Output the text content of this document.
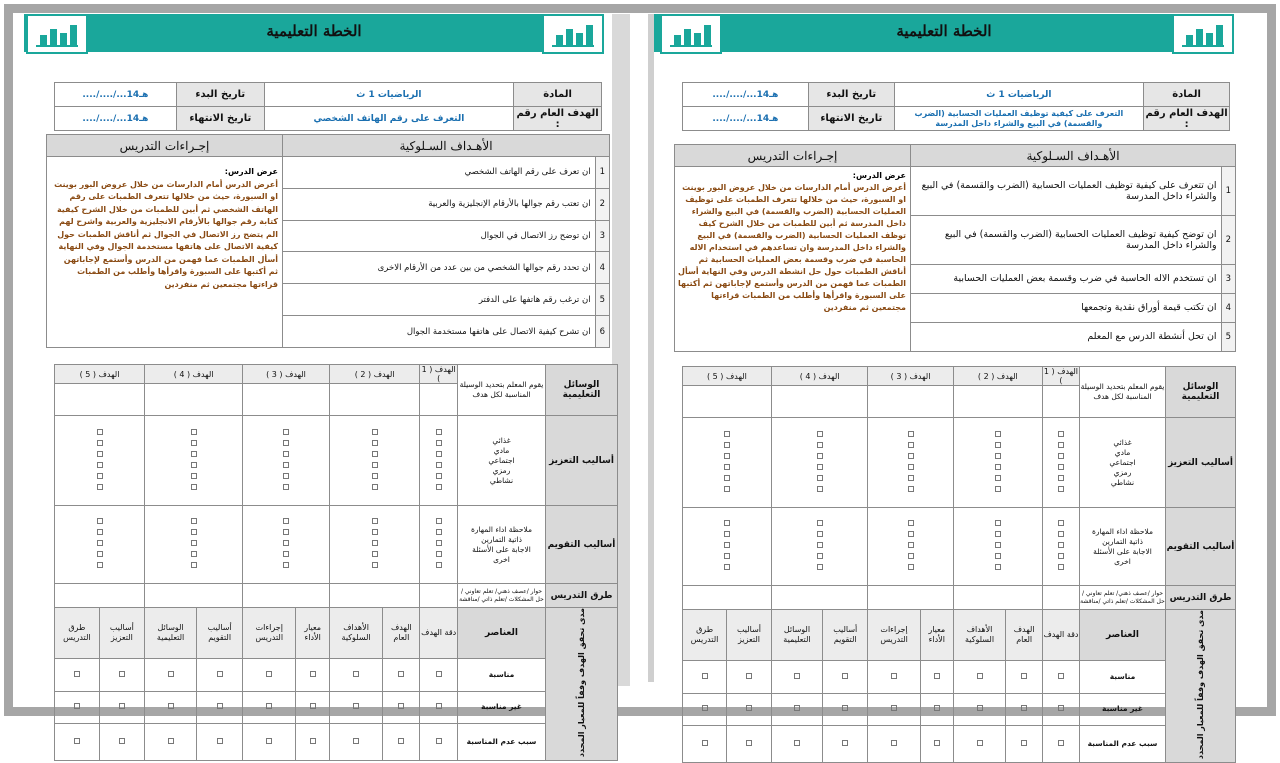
الخطة التعليمية
..../..../...14هـ	تاريخ البدء	الرياضيات 1 ث	المادة
..../..../...14هـ	تاريخ الانتهاء	التعرف على رقم الهاتف الشخصي	الهدف العام رقم :
إجـراءات التدريس	الأهـداف السـلوكية	
	ان تعرف على رقم الهاتف الشخصي	1
	ان تعتب رقم جوالها بالأرقام الإنجليزية والعربية	2
	ان توضح رز الاتصال في الجوال	3
	ان تحدد رقم جوالها الشخصي من بين عدد من الأرقام الاخرى	4
	ان ترغب رقم هاتفها على الدفتر	5
	ان تشرح كيفية الاتصال على هاتفها مستخدمة الجوال	6
عرض الدرس:
أعرض الدرس أمام الدارسات من خلال عروض البور بوينت او السبورة، حيث من خلالها تتعرف الطمبات على رقم الهاتف الشخصي ثم أبين للطمبات من خلال الشرح كيفية كتابة رقم جوالها بالأرقام الانجليزية والعربية واشرح لهم الم يتضح رز الاتصال في الجوال ثم أناقش الطمبات حول كيفية الاتصال على هاتفها مستخدمة الجوال وفي النهاية أسأل الطمبات عما فهمن من الدرس وأستمع لإجاباتهن ثم أكتبها على السبورة واقرأها وأطلب من الطمبات قراءتها مجتمعين ثم منفردين
الهدف ( 5 )		الهدف ( 4 )		الهدف ( 3 )		الهدف ( 2 )		الهدف ( 1 )	يقوم المعلم بتحديد الوسيلة المناسبة لكل هدف	الوسائل التعليمية

									غذائي
مادي
اجتماعي
رمزي
نشاطي	أساليب التعزيز

									ملاحظة اداء المهارة
ذاتية التمارين
الاجابة على الأسئلة
اخرى	أساليب التقويم
									حوار /عصف ذهني/ تعلم تعاوني /حل المشكلات /تعلم ذاتي /مناقشة	طرق التدريس
طرق التدريس	أساليب التعزيز	الوسائل التعليمية	أساليب التقويم	إجراءات التدريس	معيار الأداء	الأهداف السلوكية	الهدف العام	دقة الهدف	العناصر	مدى تحقق الهدف وفقاً للمعيار المحدد
									مناسبة	
									غير مناسبة	
									سبب عدم المناسبة	
الخطة التعليمية
..../..../...14هـ	تاريخ البدء	الرياضيات 1 ث	المادة
..../..../...14هـ	تاريخ الانتهاء	التعرف على كيفية توظيف العمليات الحسابية (الضرب والقسمة) في البيع والشراء داخل المدرسة	الهدف العام رقم :
إجـراءات التدريس	الأهـداف السـلوكية	
	ان تتعرف على كيفية توظيف العمليات الحسابية (الضرب والقسمة) في البيع والشراء داخل المدرسة	1
	ان توضح كيفية توظيف العمليات الحسابية (الضرب والقسمة) في البيع والشراء داخل المدرسة	2
	ان تستخدم الاله الحاسبة في ضرب وقسمة بعض العمليات الحسابية	3
	ان تكتب قيمة أوراق نقدية وتجمعها	4
	ان تحل أنشطة الدرس مع المعلم	5
عرض الدرس:
أعرض الدرس أمام الدارسات من خلال عروض البور بوينت او السبورة، حيث من خلالها تتعرف الطمبات على توظيف العمليات الحسابية (الضرب والقسمة) في البيع والشراء داخل المدرسة ثم أبين للطمبات من خلال الشرح كيف توظف العمليات الحسابية (الضرب والقسمة) في البيع والشراء داخل المدرسة وان تساعدهم في استخدام الاله الحاسبة في ضرب وقسمة بعض العمليات الحسابية ثم أناقش الطمبات حول حل انشطة الدرس وفي النهاية أسأل الطمبات عما فهمن من الدرس وأستمع لإجاباتهن ثم أكتبها على السبورة واقرأها وأطلب من الطمبات قراءتها مجتمعين ثم منفردين
الهدف ( 5 )		الهدف ( 4 )		الهدف ( 3 )		الهدف ( 2 )		الهدف ( 1 )	يقوم المعلم بتحديد الوسيلة المناسبة لكل هدف	الوسائل التعليمية

									غذائي
مادي
اجتماعي
رمزي
نشاطي	أساليب التعزيز

									ملاحظة اداء المهارة
ذاتية التمارين
الاجابة على الأسئلة
اخرى	أساليب التقويم
									حوار /عصف ذهني/ تعلم تعاوني /حل المشكلات /تعلم ذاتي /مناقشة	طرق التدريس
طرق التدريس	أساليب التعزيز	الوسائل التعليمية	أساليب التقويم	إجراءات التدريس	معيار الأداء	الأهداف السلوكية	الهدف العام	دقة الهدف	العناصر	مدى تحقق الهدف وفقاً للمعيار المحدد
									مناسبة	
									غير مناسبة	
									سبب عدم المناسبة	
